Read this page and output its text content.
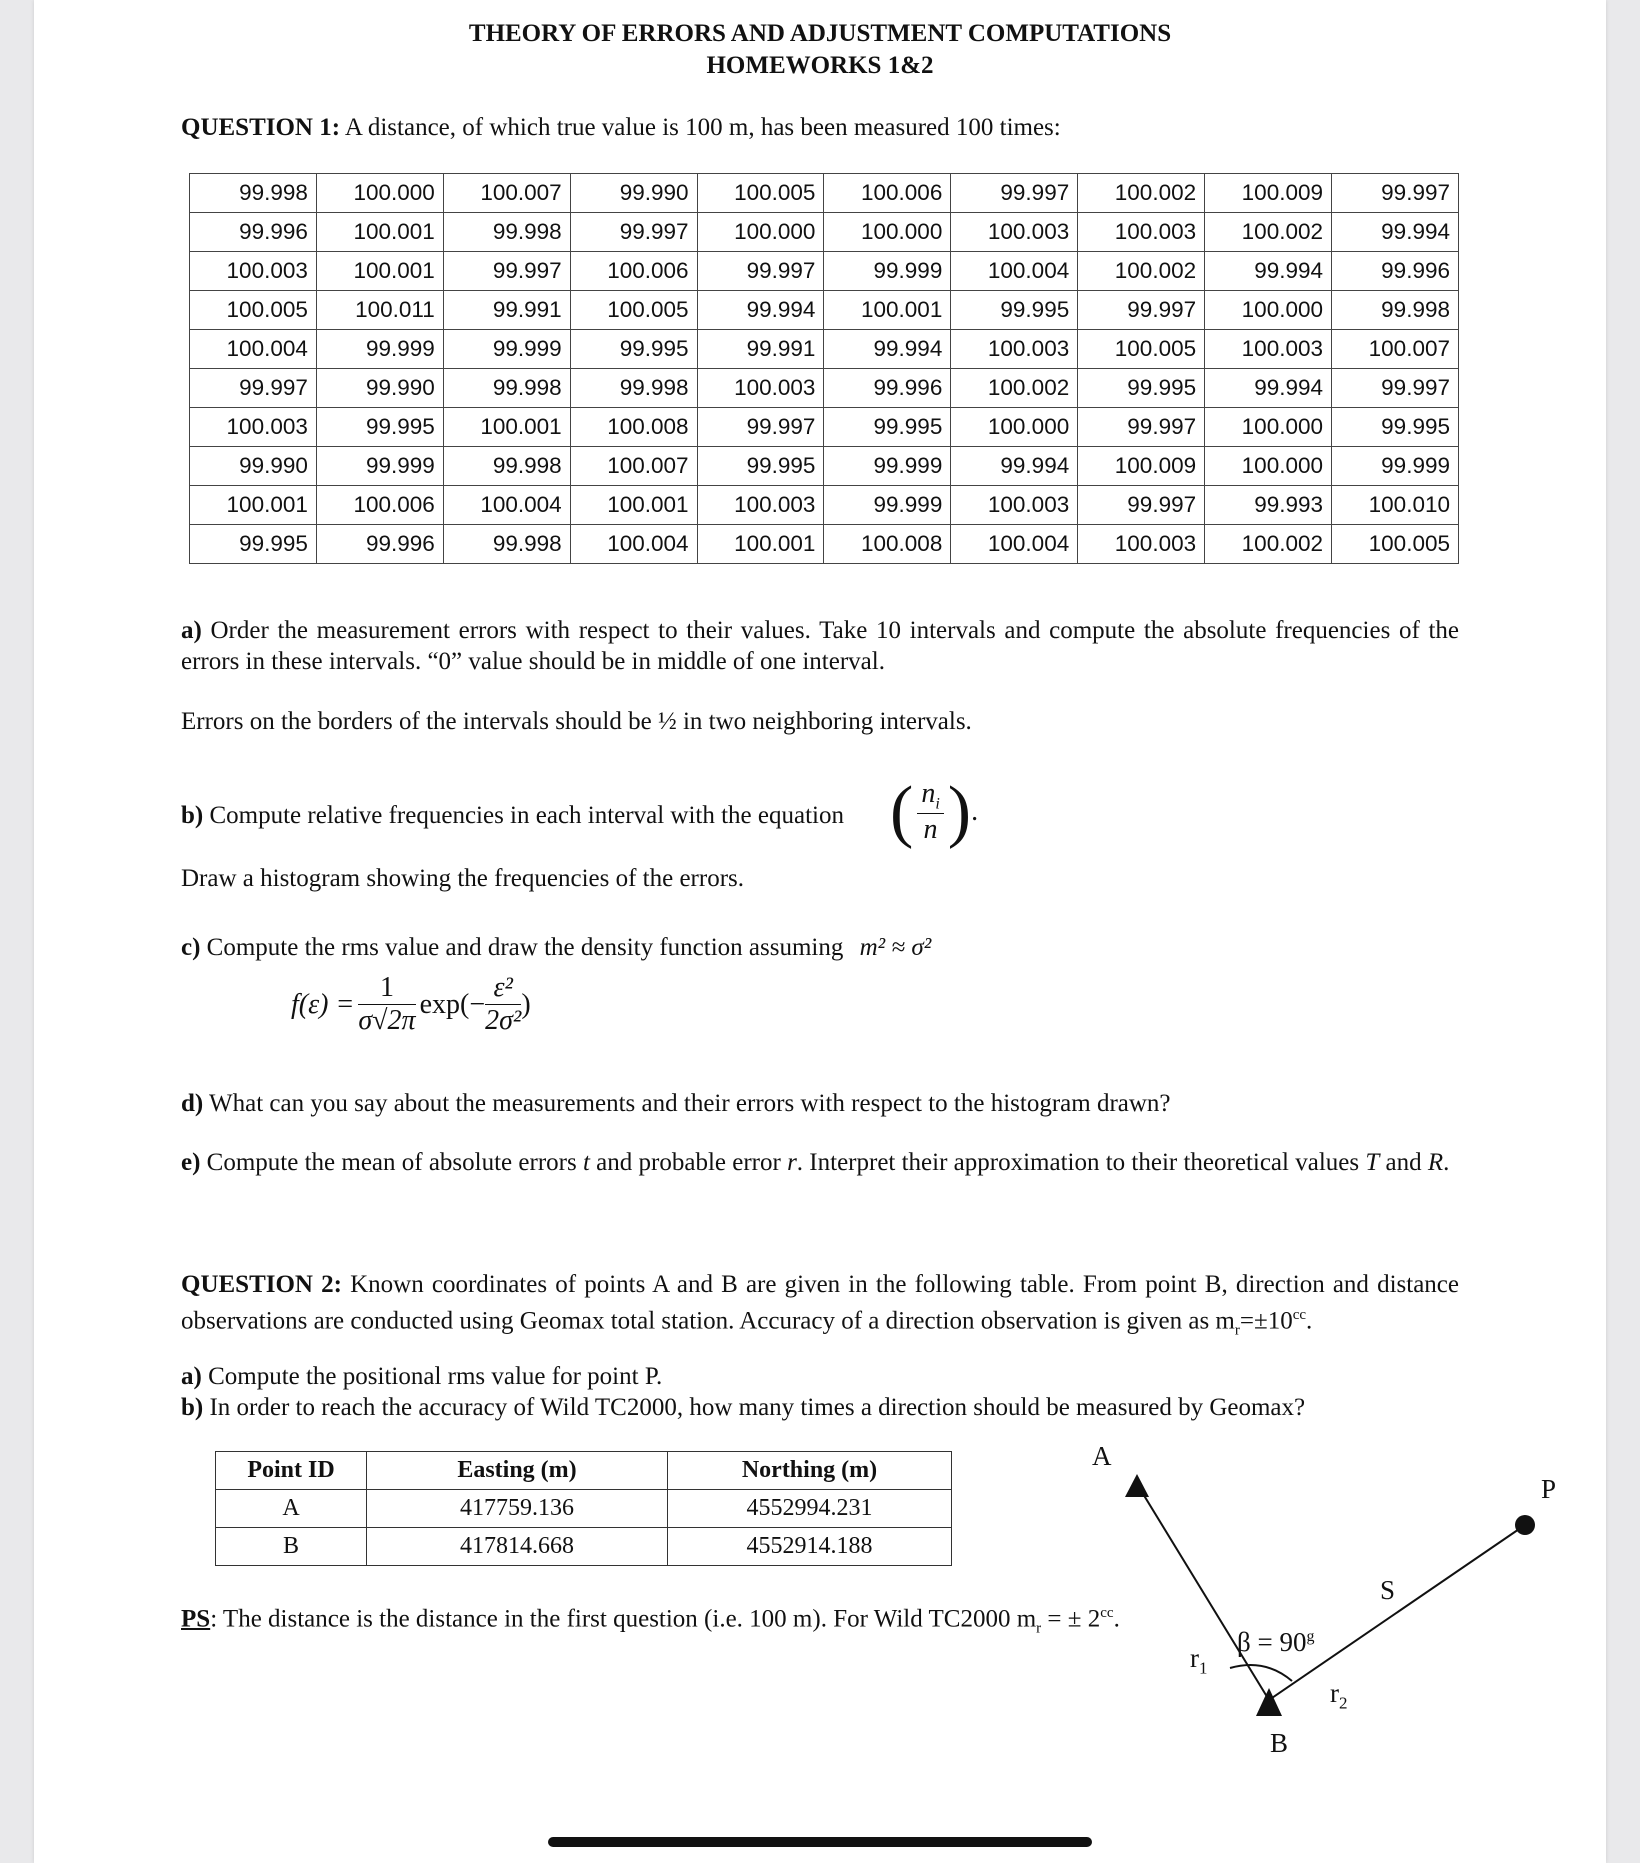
THEORY OF ERRORS AND ADJUSTMENT COMPUTATIONS
HOMEWORKS 1&2
QUESTION 1: A distance, of which true value is 100 m, has been measured 100 times:
99.998	100.000	100.007	99.990	100.005	100.006	99.997	100.002	100.009	99.997
99.996	100.001	99.998	99.997	100.000	100.000	100.003	100.003	100.002	99.994
100.003	100.001	99.997	100.006	99.997	99.999	100.004	100.002	99.994	99.996
100.005	100.011	99.991	100.005	99.994	100.001	99.995	99.997	100.000	99.998
100.004	99.999	99.999	99.995	99.991	99.994	100.003	100.005	100.003	100.007
99.997	99.990	99.998	99.998	100.003	99.996	100.002	99.995	99.994	99.997
100.003	99.995	100.001	100.008	99.997	99.995	100.000	99.997	100.000	99.995
99.990	99.999	99.998	100.007	99.995	99.999	99.994	100.009	100.000	99.999
100.001	100.006	100.004	100.001	100.003	99.999	100.003	99.997	99.993	100.010
99.995	99.996	99.998	100.004	100.001	100.008	100.004	100.003	100.002	100.005
a) Order the measurement errors with respect to their values. Take 10 intervals and compute the absolute frequencies of the errors in these intervals. “0” value should be in middle of one interval.
Errors on the borders of the intervals should be ½ in two neighboring intervals.
b) Compute relative frequencies in each interval with the equation ( $\frac{n_i}{n}$ ).
Draw a histogram showing the frequencies of the errors.
c) Compute the rms value and draw the density function assuming m² ≈ σ²
$f(\varepsilon) = \frac{1}{\sigma√2\pi} \exp(- \frac{\text{ε²}}{\text{2σ²}}$ )
d) What can you say about the measurements and their errors with respect to the histogram drawn?
e) Compute the mean of absolute errors t and probable error r. Interpret their approximation to their theoretical values T and R.
QUESTION 2: Known coordinates of points A and B are given in the following table. From point B, direction and distance observations are conducted using Geomax total station. Accuracy of a direction observation is given as $m_r=\pm 10^{cc}$.
a) Compute the positional rms value for point P.
b) In order to reach the accuracy of Wild TC2000, how many times a direction should be measured by Geomax?
Point ID	Easting (m)	Northing (m)
A	417759.136	4552994.231
B	417814.668	4552914.188
PS: The distance is the distance in the first question (i.e. 100 m). For Wild TC2000 $m_r$ = ± $2^{cc}$.
A
P
S
B
$\beta = 90^g$
$r_1$
$r_2$
